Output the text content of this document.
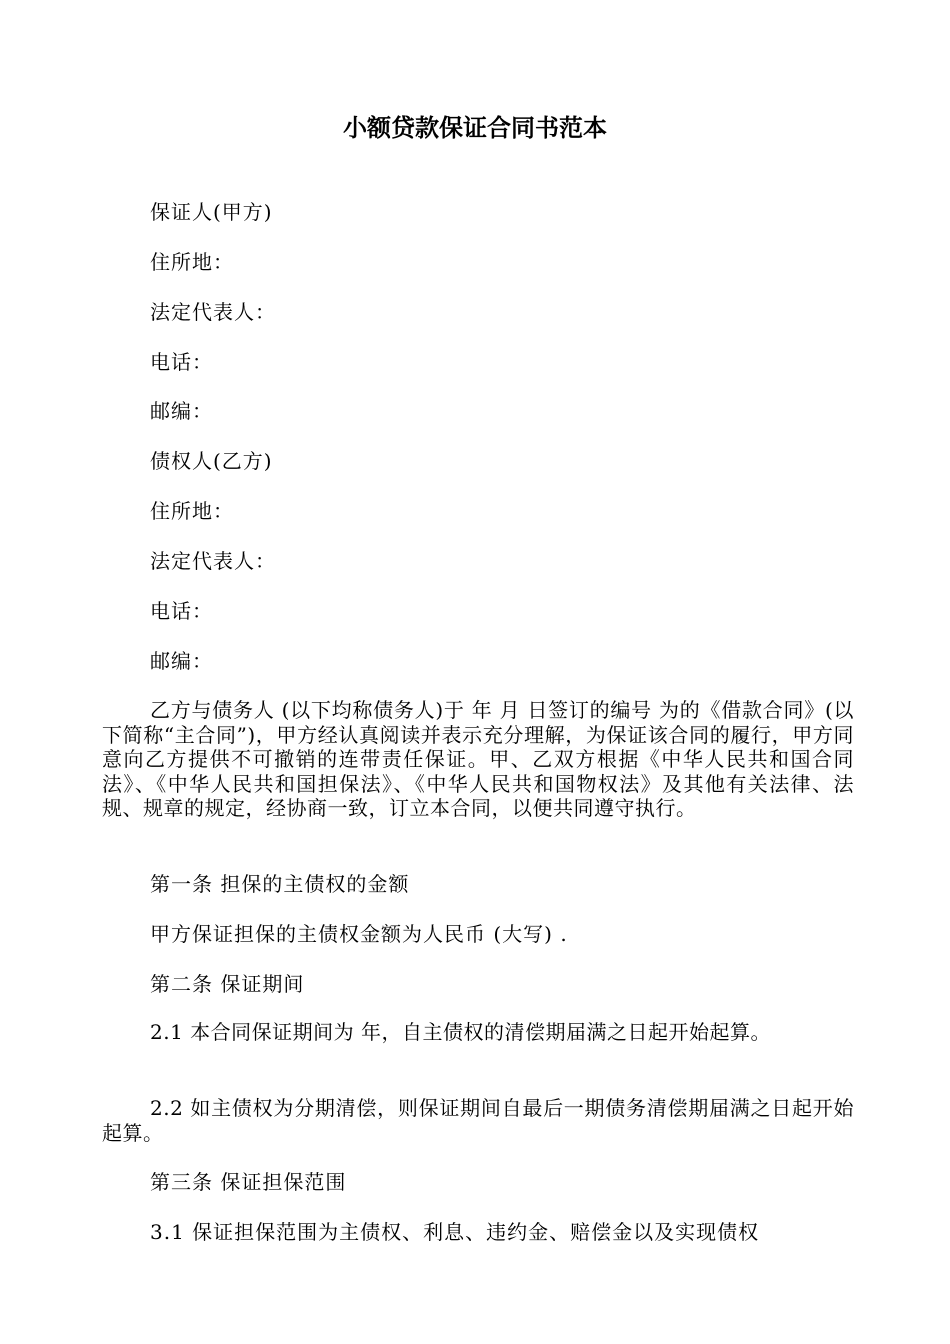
小额贷款保证合同书范本
保证人(甲方)
住所地：
法定代表人：
电话：
邮编：
债权人(乙方)
住所地：
法定代表人：
电话：
邮编：
乙方与债务人 (以下均称债务人)于 年 月 日签订的编号 为的《借款合同》(以下简称“主合同”)，甲方经认真阅读并表示充分理解，为保证该合同的履行，甲方同意向乙方提供不可撤销的连带责任保证。甲、乙双方根据《中华人民共和国合同法》、《中华人民共和国担保法》、《中华人民共和国物权法》及其他有关法律、法规、规章的规定，经协商一致，订立本合同，以便共同遵守执行。
第一条 担保的主债权的金额
甲方保证担保的主债权金额为人民币 (大写) .
第二条 保证期间
2.1 本合同保证期间为 年，自主债权的清偿期届满之日起开始起算。
2.2 如主债权为分期清偿，则保证期间自最后一期债务清偿期届满之日起开始起算。
第三条 保证担保范围
3.1 保证担保范围为主债权、利息、违约金、赔偿金以及实现债权
